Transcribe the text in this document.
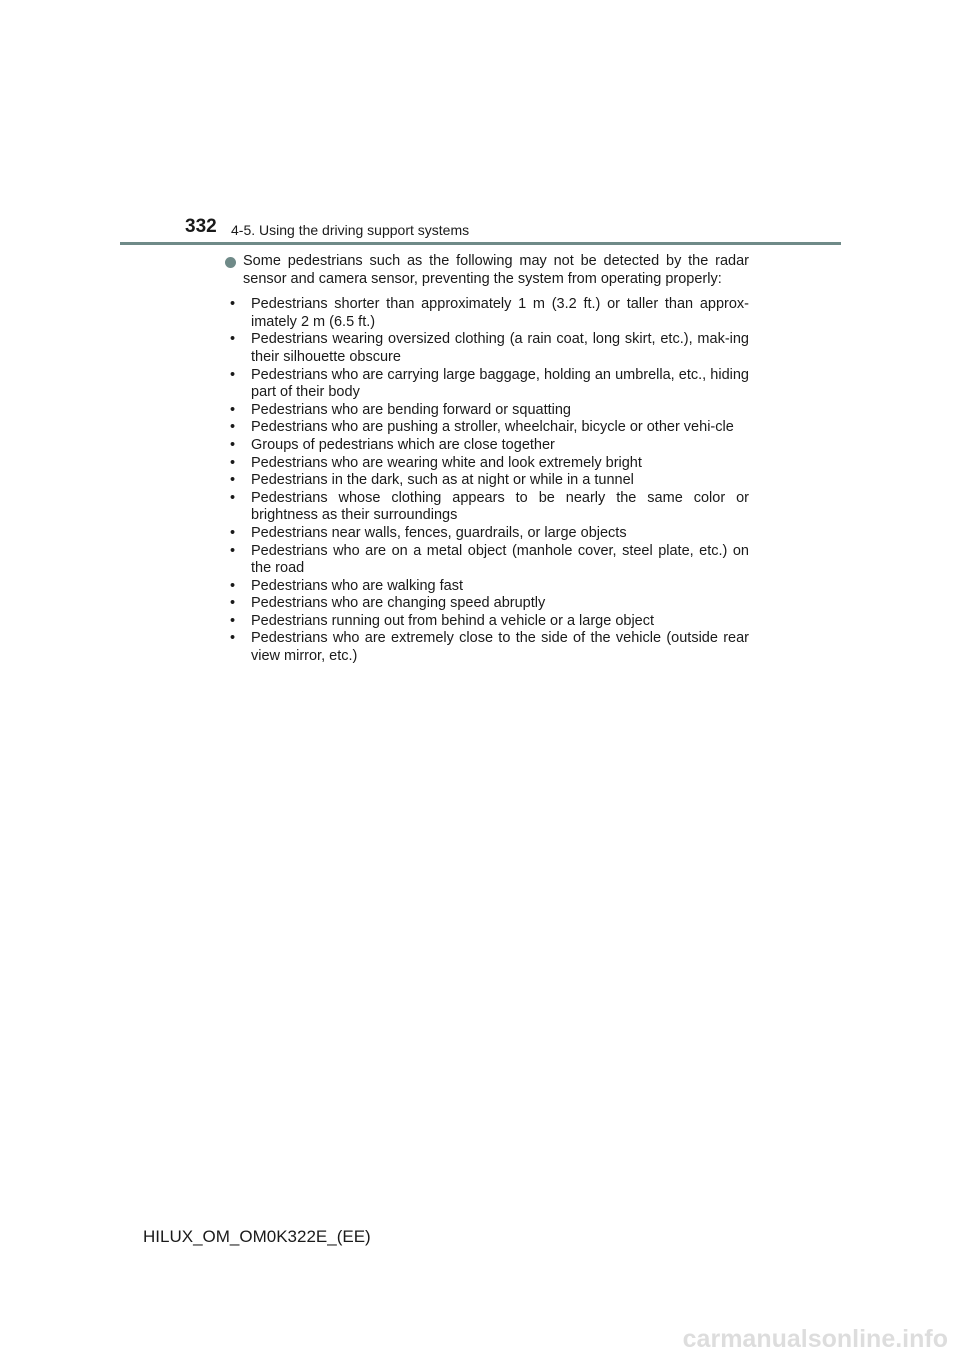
332 4-5. Using the driving support systems

Some pedestrians such as the following may not be detected by the radar sensor and camera sensor, preventing the system from operating properly:

• Pedestrians shorter than approximately 1 m (3.2 ft.) or taller than approx-imately 2 m (6.5 ft.)
• Pedestrians wearing oversized clothing (a rain coat, long skirt, etc.), mak-ing their silhouette obscure
• Pedestrians who are carrying large baggage, holding an umbrella, etc., hiding part of their body
• Pedestrians who are bending forward or squatting
• Pedestrians who are pushing a stroller, wheelchair, bicycle or other vehi-cle
• Groups of pedestrians which are close together
• Pedestrians who are wearing white and look extremely bright
• Pedestrians in the dark, such as at night or while in a tunnel
• Pedestrians whose clothing appears to be nearly the same color or brightness as their surroundings
• Pedestrians near walls, fences, guardrails, or large objects
• Pedestrians who are on a metal object (manhole cover, steel plate, etc.) on the road
• Pedestrians who are walking fast
• Pedestrians who are changing speed abruptly
• Pedestrians running out from behind a vehicle or a large object
• Pedestrians who are extremely close to the side of the vehicle (outside rear view mirror, etc.)
HILUX_OM_OM0K322E_(EE)
carmanualsonline.info
